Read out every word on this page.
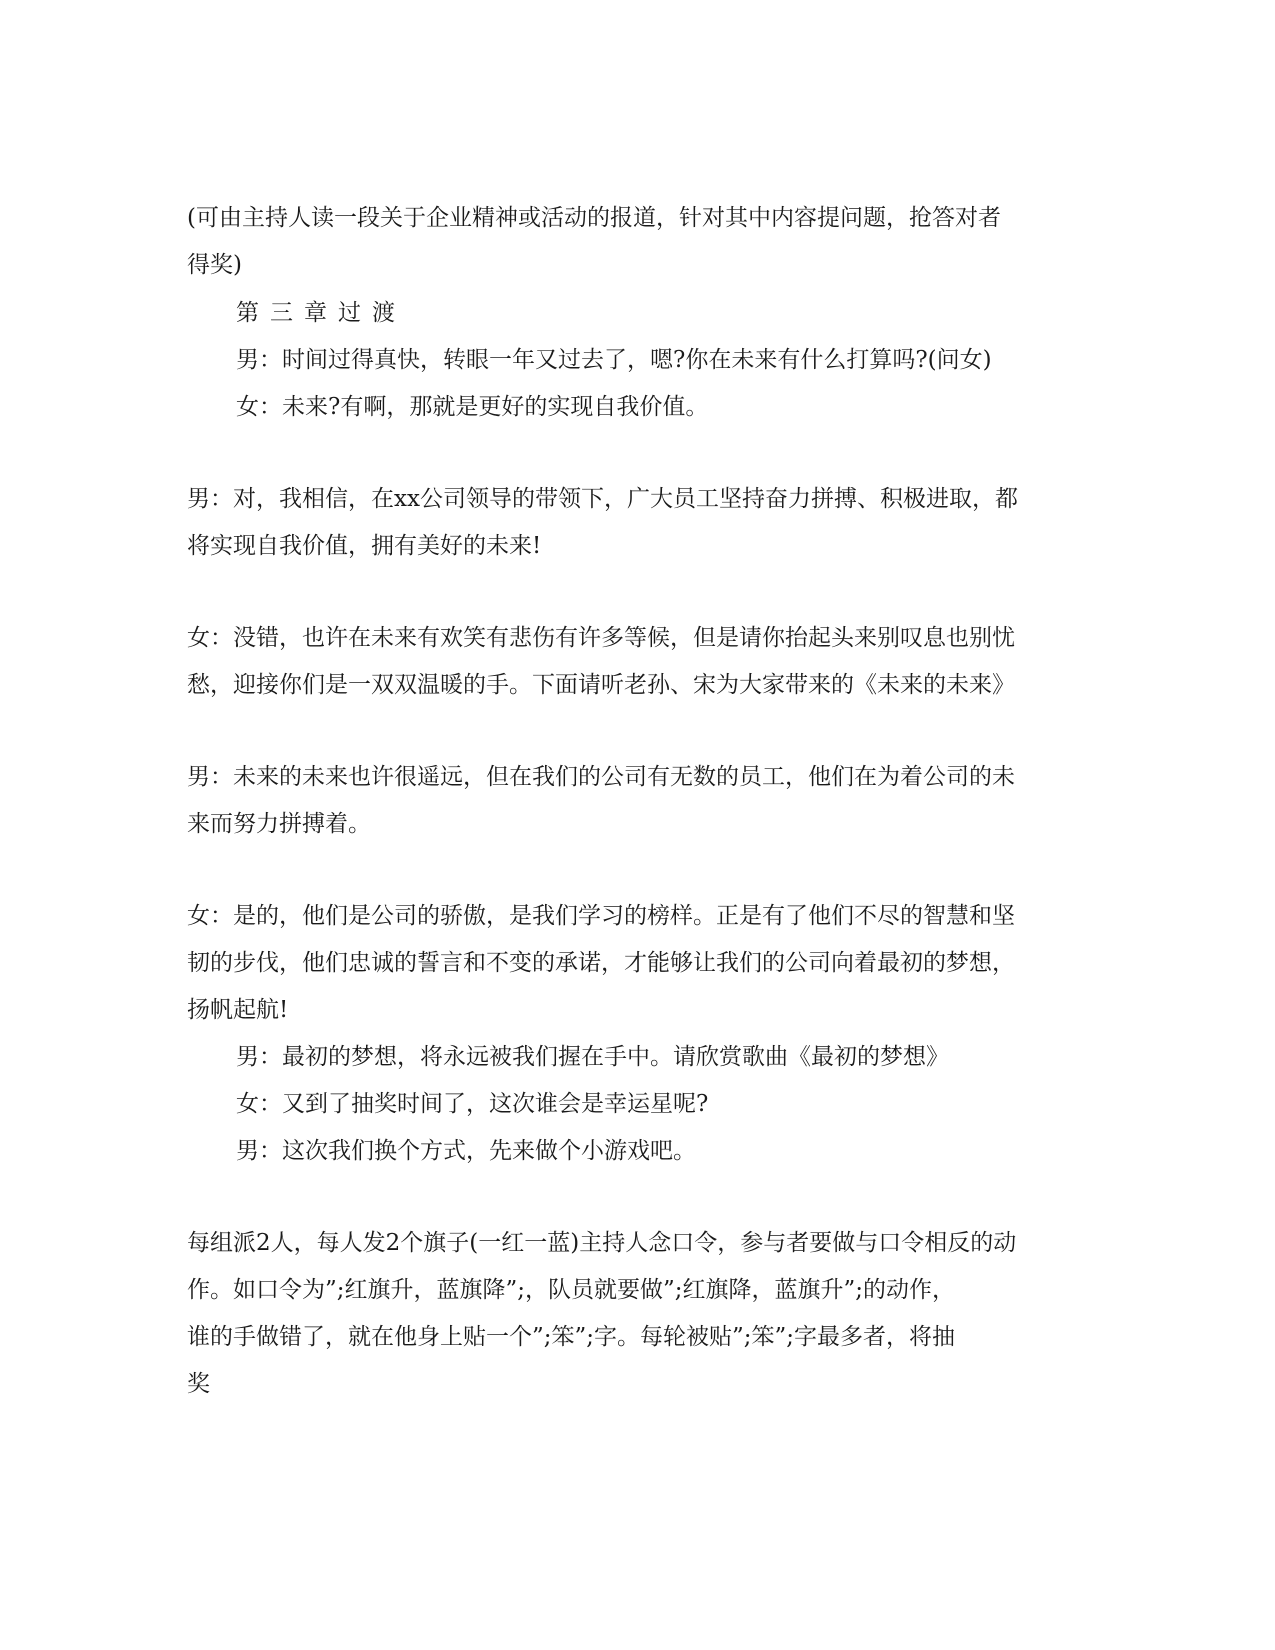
(可由主持人读一段关于企业精神或活动的报道，针对其中内容提问题，抢答对者
得奖)
第三章过渡
男：时间过得真快，转眼一年又过去了，嗯?你在未来有什么打算吗?(问女)
女：未来?有啊，那就是更好的实现自我价值。
男：对，我相信，在xx公司领导的带领下，广大员工坚持奋力拼搏、积极进取，都
将实现自我价值，拥有美好的未来!
女：没错，也许在未来有欢笑有悲伤有许多等候，但是请你抬起头来别叹息也别忧
愁，迎接你们是一双双温暖的手。下面请听老孙、宋为大家带来的《未来的未来》
男：未来的未来也许很遥远，但在我们的公司有无数的员工，他们在为着公司的未
来而努力拼搏着。
女：是的，他们是公司的骄傲，是我们学习的榜样。正是有了他们不尽的智慧和坚
韧的步伐，他们忠诚的誓言和不变的承诺，才能够让我们的公司向着最初的梦想，
扬帆起航!
男：最初的梦想，将永远被我们握在手中。请欣赏歌曲《最初的梦想》
女：又到了抽奖时间了，这次谁会是幸运星呢?
男：这次我们换个方式，先来做个小游戏吧。
每组派2人，每人发2个旗子(一红一蓝)主持人念口令，参与者要做与口令相反的动
作。如口令为”;红旗升，蓝旗降”;，队员就要做”;红旗降，蓝旗升”;的动作，
谁的手做错了，就在他身上贴一个”;笨”;字。每轮被贴”;笨”;字最多者，将抽
奖
